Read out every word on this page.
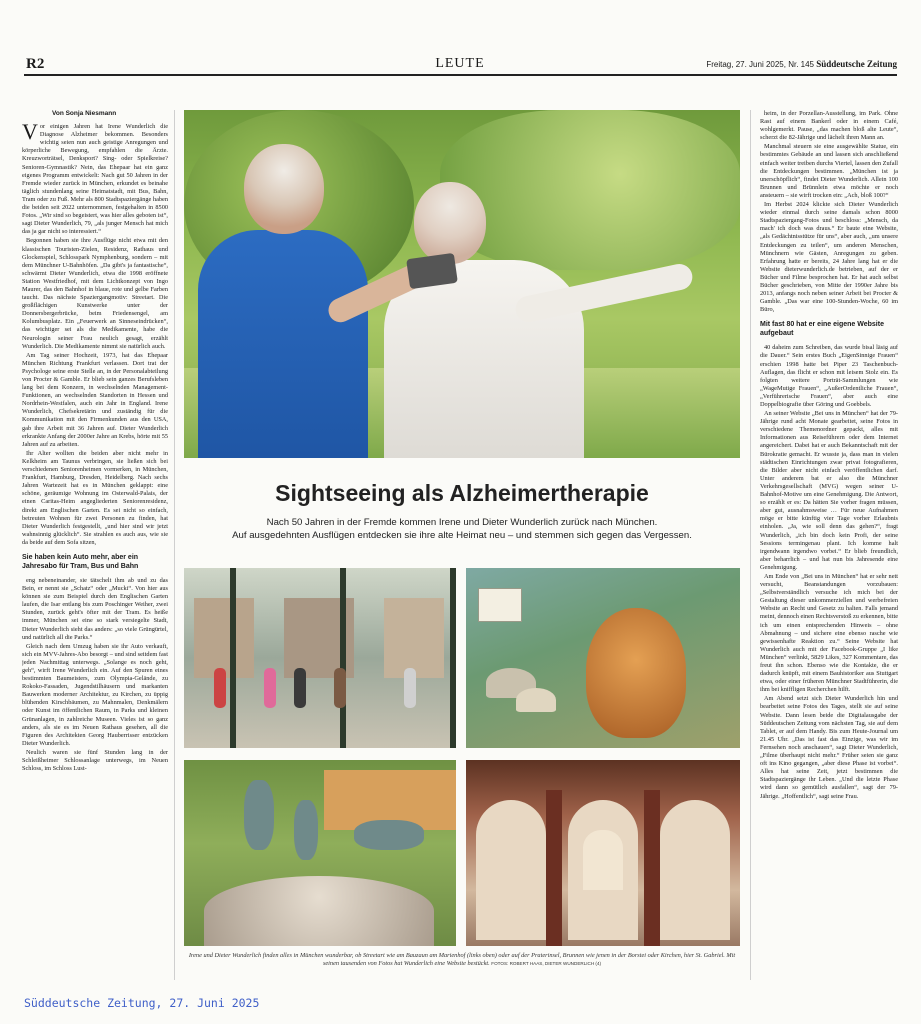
R2	LEUTE	Freitag, 27. Juni 2025, Nr. 145 Süddeutsche Zeitung
Von Sonja Niesmann

Vor einigen Jahren hat Irene Wunderlich die Diagnose Alzheimer bekommen. Besonders wichtig seien nun auch geistige Anregungen und körperliche Bewegung, empfahlen die Ärzte. Kreuzworträtsel, Denksport? Sing- oder Spielkreise? Senioren-Gymnastik? Nein, das Ehepaar hat ein ganz eigenes Programm entwickelt: Nach gut 50 Jahren in der Fremde wieder zurück in München, erkundet es beinahe täglich stundenlang seine Heimatstadt, mit Bus, Bahn, Tram oder zu Fuß. Mehr als 800 Stadtspaziergänge haben die beiden seit 2022 unternommen, festgehalten in 8500 Fotos. „Wir sind so begeistert, was hier alles geboten ist“, sagt Dieter Wunderlich, 79, „als junger Mensch hat mich das ja gar nicht so interessiert.“

Begonnen haben sie ihre Ausflüge nicht etwa mit den klassischen Touristen-Zielen, Residenz, Rathaus und Glockenspiel, Schlosspark Nymphenburg, sondern – mit dem Münchner U-Bahnhöfen. „Da gibt's ja fantastische“, schwärmt Dieter Wunderlich, etwa die 1998 eröffnete Station Westfriedhof, mit dem Lichtkonzept von Ingo Maurer, das den Bahnhof in blaue, rote und gelbe Farben taucht. Das nächste Spaziergangmotiv: Streetart. Die großflächigen Kunstwerke unter der Donnersbergerbrücke, beim Friedensengel, am Kolumbusplatz. Ein „Feuerwerk an Sinneseindrücken“, das wichtiger sei als die Medikamente, habe die Neurologin seiner Frau neulich gesagt, erzählt Wunderlich. Die Medikamente nimmt sie natürlich auch.

Am Tag seiner Hochzeit, 1973, hat das Ehepaar München Richtung Frankfurt verlassen. Dort trat der Psychologe seine erste Stelle an, in der Personalabteilung von Procter & Gamble. Er blieb sein ganzes Berufsleben lang bei dem Konzern, in wechselnden Management-Funktionen, an wechselnden Standorten in Hessen und Nordrhein-Westfalen, auch ein Jahr in England. Irene Wunderlich, Chefsekretärin und zuständig für die Kommunikation mit den Firmenkunden aus den USA, gab ihre Arbeit mit 36 Jahren auf. Dieter Wunderlich erkrankte Anfang der 2000er Jahre an Krebs, hörte mit 55 Jahren auf zu arbeiten.

Ihr Alter wollten die beiden aber nicht mehr in Kelkheim am Taunus verbringen, sie ließen sich bei verschiedenen Seniorenheimen vormerken, in München, Frankfurt, Hamburg, Dresden, Heidelberg. Nach sechs Jahren Wartezeit hat es in München geklappt: eine schöne, geräumige Wohnung im Osterwald-Palais, der einen Caritas-Heim angegliederten Seniorenresidenz, direkt am Englischen Garten. Es sei nicht so einfach, betreuten Wohnen für zwei Personen zu finden, hat Dieter Wunderlich festgestellt, „und hier sind wir jetzt wahnsinnig glücklich“. Sie strahlen es auch aus, wie sie da beide auf dem Sofa sitzen,

Sie haben kein Auto mehr, aber ein Jahresabo für Tram, Bus und Bahn

eng nebeneinander, sie tätschelt ihm ab und zu das Bein, er nennt sie „Schatz“ oder „Mucki“. Von hier aus können sie zum Beispiel durch den Englischen Garten laufen, die Isar entlang bis zum Poschinger Weiher, zwei Stunden, zurück geht's öfter mit der Tram. Es heiße immer, München sei eine so stark versiegelte Stadt, Dieter Wunderlich sieht das anders: „so viele Grüngürtel, und natürlich all die Parks.“

Gleich nach dem Umzug haben sie ihr Auto verkauft, sich ein MVV-Jahres-Abo besorgt – und sind seitdem fast jeden Nachmittag unterwegs. „Solange es noch geht, geh“, wirft Irene Wunderlich ein. Auf den Spuren eines bestimmten Baumeisters, zum Olympia-Gelände, zu Rokoko-Fassaden, Jugendstilhäusern und markanten Bauwerken moderner Architektur, zu Kirchen, zu üppig blühenden Kirschbäumen, zu Mahnmalen, Denkmälern oder Kunst im öffentlichen Raum, in Parks und kleinen Grünanlagen, in zahlreiche Museen. Vieles ist so ganz anders, als sie es im Neuen Rathaus gesehen, all die Figuren des Architekten Georg Hauberrisser entzücken Dieter Wunderlich.

Neulich waren sie fünf Stunden lang in der Schleißheimer Schlossanlage unterwegs, im Neuen Schloss, im Schloss Lust-

Sightseeing als Alzheimertherapie
Nach 50 Jahren in der Fremde kommen Irene und Dieter Wunderlich zurück nach München.
Auf ausgedehnten Ausflügen entdecken sie ihre alte Heimat neu – und stemmen sich gegen das Vergessen.
Irene und Dieter Wunderlich finden alles in München wunderbar, ob Streetart wie am Bauzaun am Marienhof (links oben) oder auf der Praterinsel, Brunnen wie jenen in der Borstei oder Kirchen, hier St. Gabriel. Mit seinen tausenden von Fotos hat Wunderlich eine Website bestückt. FOTOS: ROBERT HAAS, DIETER WUNDERLICH (4)

heim, in der Porzellan-Ausstellung, im Park. Ohne Rast auf einem Bankerl oder in einem Café, wohlgemerkt. Pause, „das machen bloß alte Leute“, scherzt die 82-Jährige und lächelt ihren Mann an.

Manchmal steuern sie eine ausgewählte Statue, ein bestimmtes Gebäude an und lassen sich anschließend einfach weiter treiben durchs Viertel, lassen den Zufall die Entdeckungen bestimmen. „München ist ja unerschöpflich“, findet Dieter Wunderlich. Allein 100 Brunnen und Brünnlein etwa möchte er noch ansteuern – sie wirft trocken ein: „Ach, bloß 100?“

Im Herbst 2024 klickte sich Dieter Wunderlich wieder einmal durch seine damals schon 8000 Stadtspaziergang-Fotos und beschloss: „Mensch, da mach' ich doch was draus.“ Er baute eine Website, „als Gedächtnisstütze für uns“, aber auch, „um unsere Entdeckungen zu teilen“, um anderen Menschen, Münchnern wie Gästen, Anregungen zu geben. Erfahrung hatte er bereits, 24 Jahre lang hat er die Website dieterwunderlich.de betrieben, auf der er Bücher und Filme besprochen hat. Er hat auch selbst Bücher geschrieben, von Mitte der 1990er Jahre bis 2013, anfangs noch neben seiner Arbeit bei Procter & Gamble. „Das war eine 100-Stunden-Woche, 60 im Büro,

Mit fast 80 hat er eine eigene Website aufgebaut

40 daheim zum Schreiben, das wurde bisal läsig auf die Dauer.“ Sein erstes Buch „EigenSinnige Frauen“ erschien 1998 hatte bei Piper 23 Taschenbuch-Auflagen, das flicht er schon mit leisem Stolz ein. Es folgten weitere Porträt-Sammlungen wie „WageMutige Frauen“, „AußerOrdentliche Frauen“, „Verführerische Frauen“, aber auch eine Doppelbiografie über Göring und Goebbels.

An seiner Website „Bei uns in München“ hat der 79-Jährige rund acht Monate gearbeitet, seine Fotos in verschiedene Themenordner gepackt, alles mit Informationen aus Reiseführern oder dem Internet angereichert. Dabei hat er auch Bekanntschaft mit der Bürokratie gemacht. Er wusste ja, dass man in vielen städtischen Einrichtungen zwar privat fotografieren, die Bilder aber nicht einfach veröffentlichen darf. Unter anderem bat er also die Münchner Verkehrsgesellschaft (MVG) wegen seiner U-Bahnhof-Motive um eine Genehmigung. Die Antwort, so erzählt er es: Da hätten Sie vorher fragen müssen, aber gut, ausnahmsweise … Für neue Aufnahmen möge er bitte künftig vier Tage vorher Erlaubnis einholen. „Ja, wie soll denn das gehen?“, fragt Wunderlich, „ich bin doch kein Profi, der seine Sessions termingenau plant. Ich komme halt irgendwann irgendwo vorbei.“ Er blieb freundlich, aber beharrlich – und hat nun bis Jahresende eine Genehmigung.

Am Ende von „Bei uns in München“ hat er sehr nett versucht, Beanstandungen vorzubauen: „Selbstverständlich versuche ich mich bei der Gestaltung dieser unkommerziellen und werbefreien Website an Recht und Gesetz zu halten. Falls jemand meint, dennoch einen Rechtsverstoß zu erkennen, bitte ich um einen entsprechenden Hinweis – ohne Abmahnung – und sichere eine ebenso rasche wie gewissenhafte Reaktion zu.“ Seine Website hat Wunderlich auch mit der Facebook-Gruppe „I like München“ verlinkt, 5829 Likes, 327 Kommentare, das freut ihn schon. Ebenso wie die Kontakte, die er dadurch knüpft, mit einem Bauhistoriker aus Stuttgart etwa, oder einer früheren Münchner Stadtführerin, die ihm bei kniffligen Recherchen hilft.

Am Abend setzt sich Dieter Wunderlich hin und bearbeitet seine Fotos des Tages, stellt sie auf seine Website. Dann lesen beide die Digitalausgabe der Süddeutschen Zeitung vom nächsten Tag, sie auf dem Tablet, er auf dem Handy. Bis zum Heute-Journal um 21.45 Uhr. „Das ist fast das Einzige, was wir im Fernsehen noch anschauen“, sagt Dieter Wunderlich, „Filme überhaupt nicht mehr.“ Früher seien sie ganz oft ins Kino gegangen, „aber diese Phase ist vorbei“. Alles hat seine Zeit, jetzt bestimmen die Stadtspaziergänge ihr Leben. „Und die letzte Phase wird dann so gemütlich ausfallen“, sagt der 79-Jährige. „Hoffentlich“, sagt seine Frau.

Süddeutsche Zeitung, 27. Juni 2025
